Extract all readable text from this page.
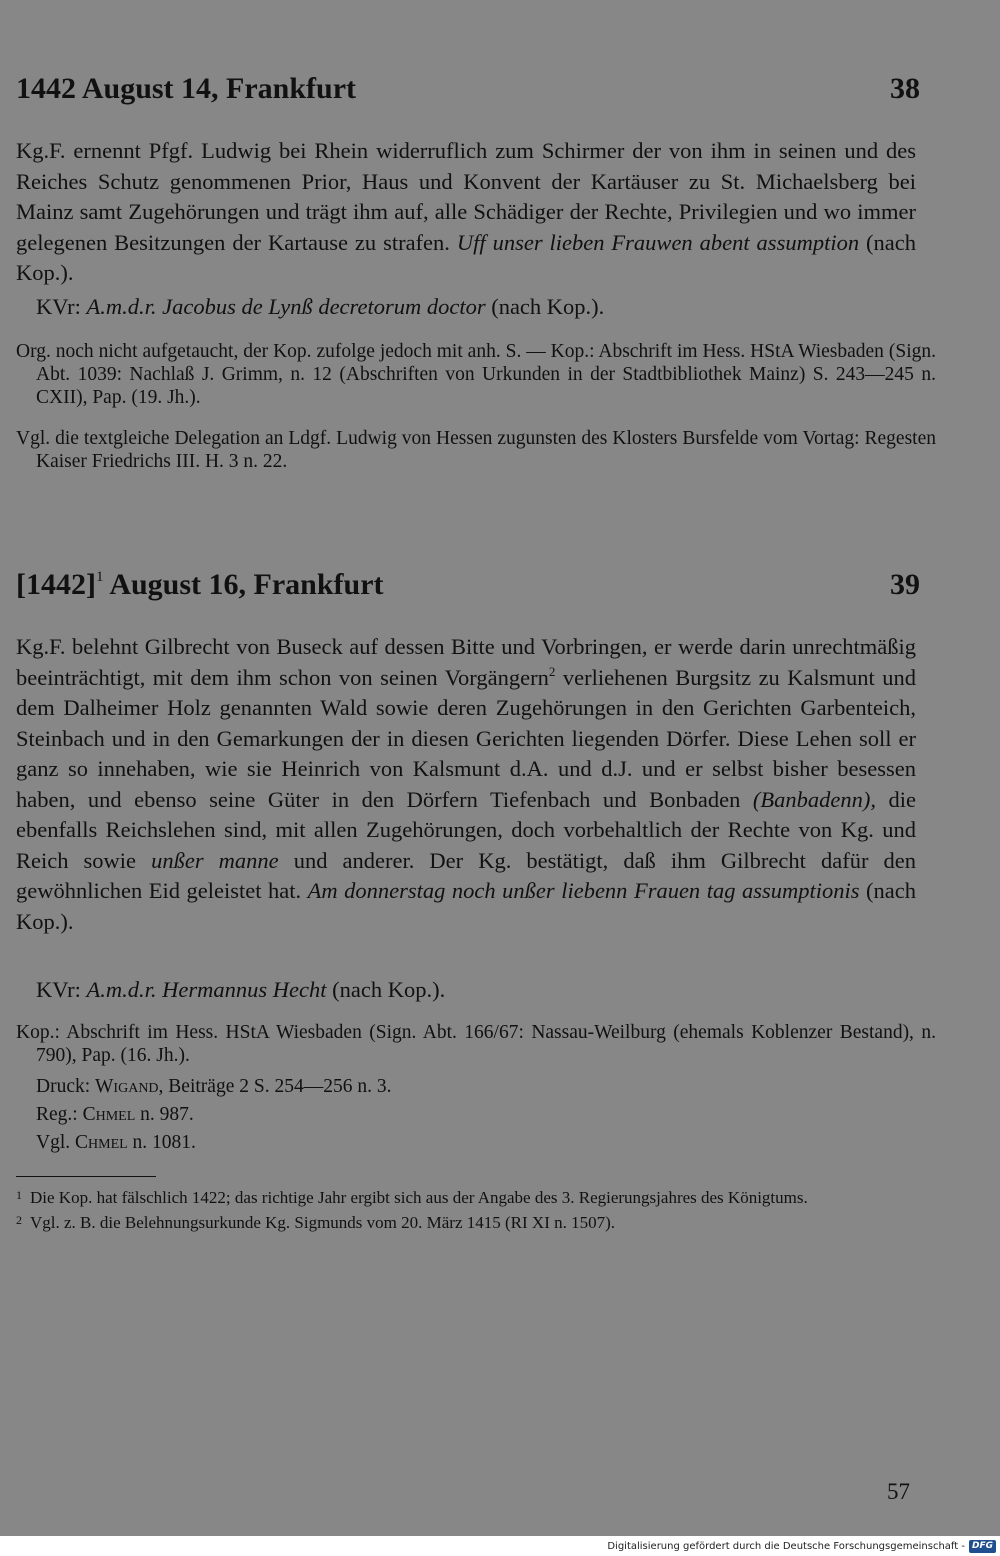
1442 August 14, Frankfurt	38

Kg.F. ernennt Pfgf. Ludwig bei Rhein widerruflich zum Schirmer der von ihm in seinen und des Reiches Schutz genommenen Prior, Haus und Konvent der Kartäuser zu St. Michaelsberg bei Mainz samt Zugehörungen und trägt ihm auf, alle Schädiger der Rechte, Privilegien und wo immer gelegenen Besitzungen der Kartause zu strafen. Uff unser lieben Frauwen abent assumption (nach Kop.).

KVr: A.m.d.r. Jacobus de Lynß decretorum doctor (nach Kop.).

Org. noch nicht aufgetaucht, der Kop. zufolge jedoch mit anh. S. — Kop.: Abschrift im Hess. HStA Wiesbaden (Sign. Abt. 1039: Nachlaß J. Grimm, n. 12 (Abschriften von Urkunden in der Stadtbibliothek Mainz) S. 243—245 n. CXII), Pap. (19. Jh.).

Vgl. die textgleiche Delegation an Ldgf. Ludwig von Hessen zugunsten des Klosters Bursfelde vom Vortag: Regesten Kaiser Friedrichs III. H. 3 n. 22.

$[1442]^1$ August 16, Frankfurt	39

Kg.F. belehnt Gilbrecht von Buseck auf dessen Bitte und Vorbringen, er werde darin unrechtmäßig beeinträchtigt, mit dem ihm schon von seinen Vorgängern$^2$ verliehenen Burgsitz zu Kalsmunt und dem Dalheimer Holz genannten Wald sowie deren Zugehörungen in den Gerichten Garbenteich, Steinbach und in den Gemarkungen der in diesen Gerichten liegenden Dörfer. Diese Lehen soll er ganz so innehaben, wie sie Heinrich von Kalsmunt d.A. und d.J. und er selbst bisher besessen haben, und ebenso seine Güter in den Dörfern Tiefenbach und Bonbaden (Banbadenn), die ebenfalls Reichslehen sind, mit allen Zugehörungen, doch vorbehaltlich der Rechte von Kg. und Reich sowie unßer manne und anderer. Der Kg. bestätigt, daß ihm Gilbrecht dafür den gewöhnlichen Eid geleistet hat. Am donnerstag noch unßer liebenn Frauen tag assumptionis (nach Kop.).

KVr: A.m.d.r. Hermannus Hecht (nach Kop.).

Kop.: Abschrift im Hess. HStA Wiesbaden (Sign. Abt. 166/67: Nassau-Weilburg (ehemals Koblenzer Bestand), n. 790), Pap. (16. Jh.).

Druck: Wigand, Beiträge 2 S. 254—256 n. 3.

Reg.: Chmel n. 987.

Vgl. Chmel n. 1081.

1 Die Kop. hat fälschlich 1422; das richtige Jahr ergibt sich aus der Angabe des 3. Regierungsjahres des Königtums.
2 Vgl. z. B. die Belehnungsurkunde Kg. Sigmunds vom 20. März 1415 (RI XI n. 1507).
57
Digitalisierung gefördert durch die Deutsche Forschungsgemeinschaft - DFG
